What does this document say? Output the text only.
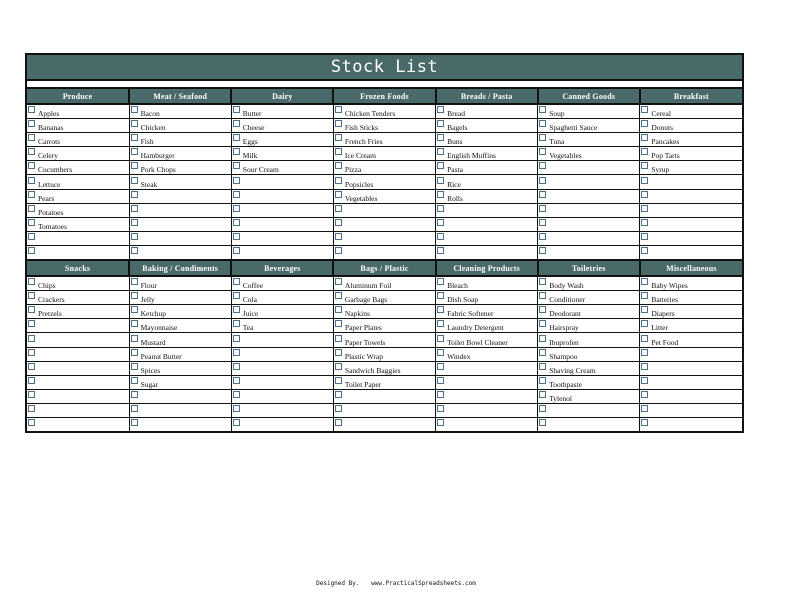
Stock List
Produce	Meat / Seafood	Dairy	Frozen Foods	Breads / Pasta	Canned Goods	Breakfast

Apples	Bacon	Butter	Chicken Tenders	Bread	Soup	Cereal

Bananas	Chicken	Cheese	Fish Sticks	Bagels	Spaghetti Sauce	Donuts

Carrots	Fish	Eggs	French Fries	Buns	Tuna	Pancakes

Celery	Hamburger	Milk	Ice Cream	English Muffins	Vegetables	Pop Tarts

Cucumbers	Pork Chops	Sour Cream	Pizza	Pasta		Syrup

Lettuce	Steak		Popsicles	Rice		

Pears			Vegetables	Rolls		

Potatoes						

Tomatoes						

Snacks	Baking / Condiments	Beverages	Bags / Plastic	Cleaning Products	Toiletries	Miscellaneous

Chips	Flour	Coffee	Aluminum Foil	Bleach	Body Wash	Baby Wipes

Crackers	Jelly	Cola	Garbage Bags	Dish Soap	Conditioner	Batteries

Pretzels	Ketchup	Juice	Napkins	Fabric Softener	Deodorant	Diapers

	Mayonnaise	Tea	Paper Plates	Laundry Detergent	Hairspray	Litter

	Mustard		Paper Towels	Toilet Bowl Cleaner	Ibuprofen	Pet Food

	Peanut Butter		Plastic Wrap	Windex	Shampoo	

	Spices		Sandwich Baggies		Shaving Cream	

	Sugar		Toilet Paper		Toothpaste	

					Tylenol	

Designed By. www.PracticalSpreadsheets.com
